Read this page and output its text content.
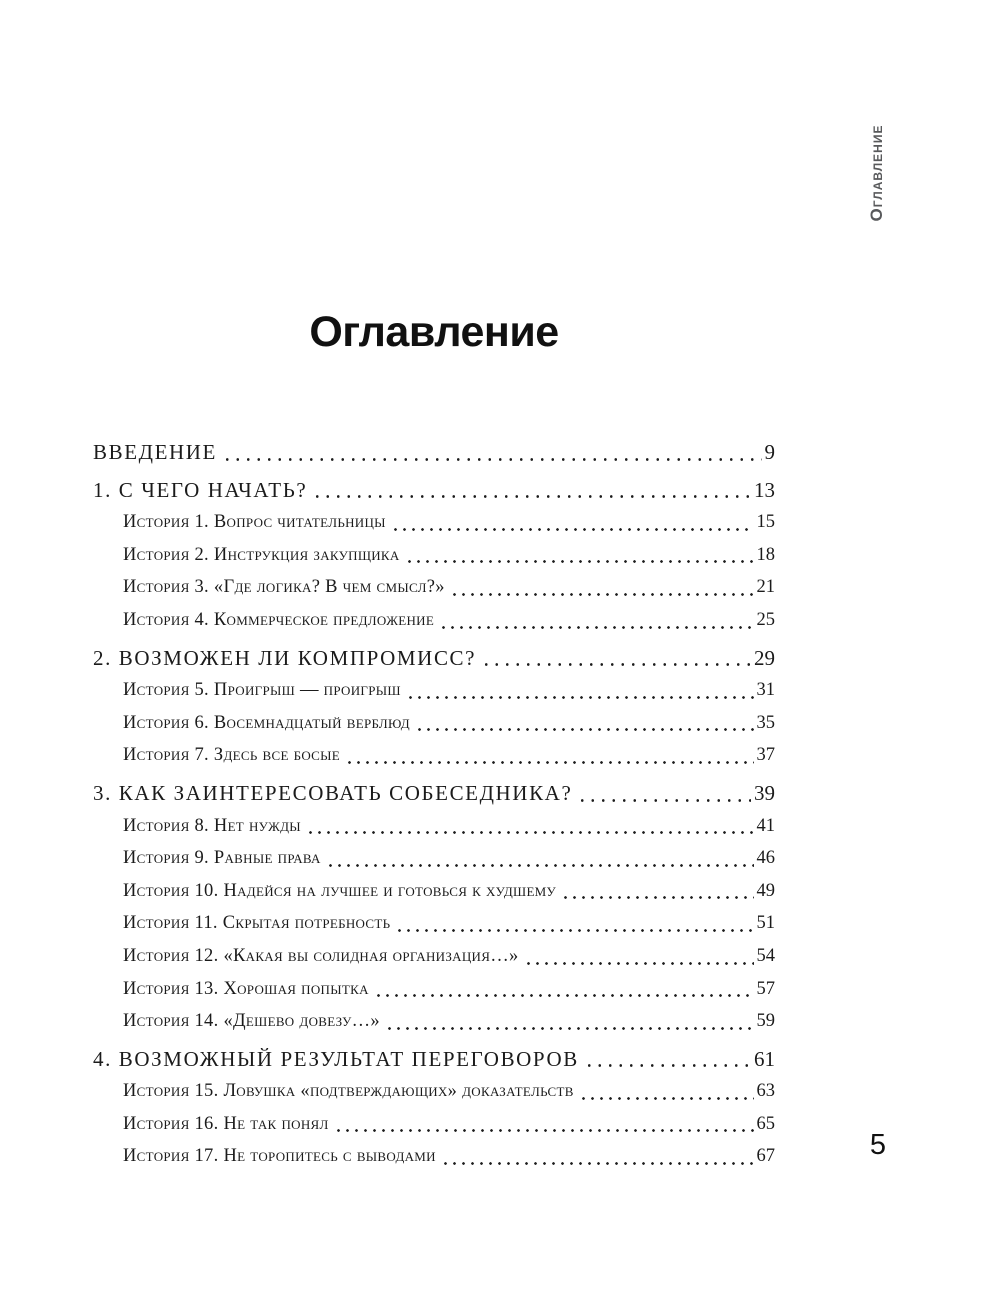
Оглавление
Оглавление
ВВЕДЕНИЕ	9
1. С ЧЕГО НАЧАТЬ?	13
История 1. Вопрос читательницы	15
История 2. Инструкция закупщика	18
История 3. «Где логика? В чем смысл?»	21
История 4. Коммерческое предложение	25
2. ВОЗМОЖЕН ЛИ КОМПРОМИСС?	29
История 5. Проигрыш — проигрыш	31
История 6. Восемнадцатый верблюд	35
История 7. Здесь все босые	37
3. КАК ЗАИНТЕРЕСОВАТЬ СОБЕСЕДНИКА?	39
История 8. Нет нужды	41
История 9. Равные права	46
История 10. Надейся на лучшее и готовься к худшему	49
История 11. Скрытая потребность	51
История 12. «Какая вы солидная организация…»	54
История 13. Хорошая попытка	57
История 14. «Дешево довезу…»	59
4. ВОЗМОЖНЫЙ РЕЗУЛЬТАТ ПЕРЕГОВОРОВ	61
История 15. Ловушка «подтверждающих» доказательств	63
История 16. Не так понял	65
История 17. Не торопитесь с выводами	67	5
